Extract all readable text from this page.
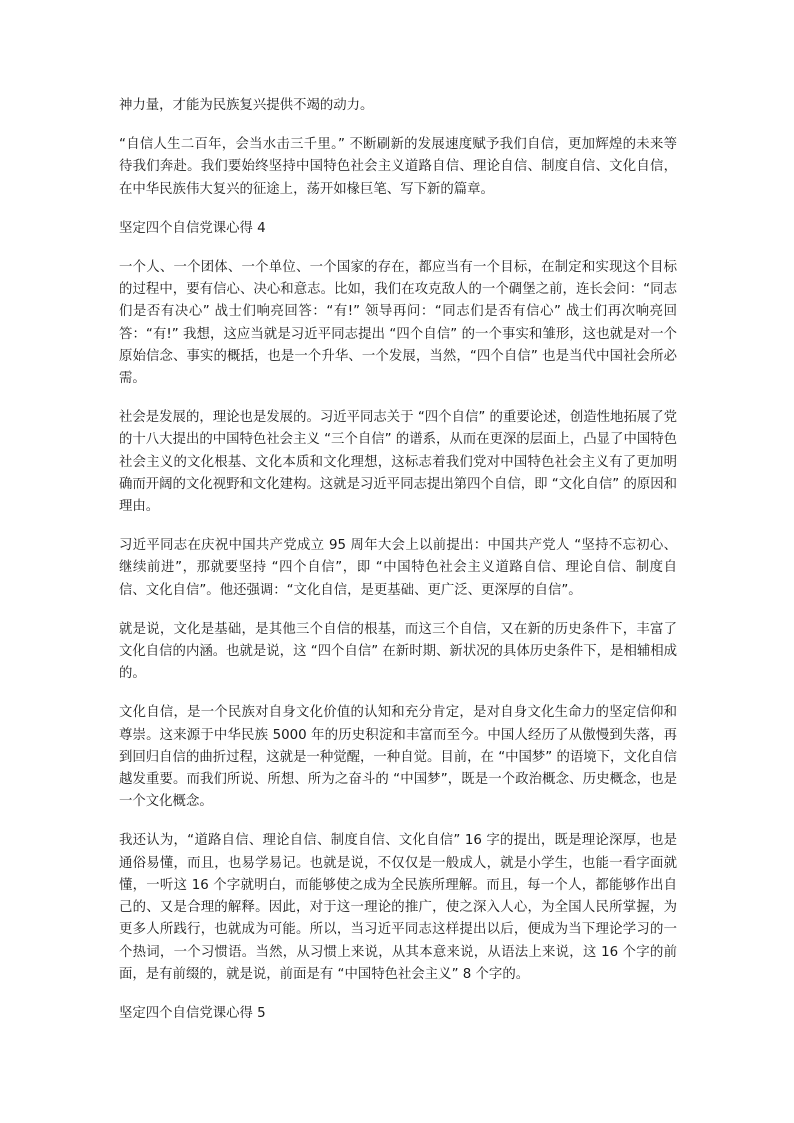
神力量，才能为民族复兴提供不竭的动力。

“自信人生二百年，会当水击三千里。” 不断刷新的发展速度赋予我们自信，更加辉煌的未来等待我们奔赴。我们要始终坚持中国特色社会主义道路自信、理论自信、制度自信、文化自信，在中华民族伟大复兴的征途上，荡开如椽巨笔、写下新的篇章。

坚定四个自信党课心得 4

一个人、一个团体、一个单位、一个国家的存在，都应当有一个目标，在制定和实现这个目标的过程中，要有信心、决心和意志。比如，我们在攻克敌人的一个碉堡之前，连长会问：“同志们是否有决心” 战士们响亮回答：“有!” 领导再问：“同志们是否有信心” 战士们再次响亮回答：“有!” 我想，这应当就是习近平同志提出 “四个自信” 的一个事实和雏形，这也就是对一个原始信念、事实的概括，也是一个升华、一个发展，当然，“四个自信” 也是当代中国社会所必需。

社会是发展的，理论也是发展的。习近平同志关于 “四个自信” 的重要论述，创造性地拓展了党的十八大提出的中国特色社会主义 “三个自信” 的谱系，从而在更深的层面上，凸显了中国特色社会主义的文化根基、文化本质和文化理想，这标志着我们党对中国特色社会主义有了更加明确而开阔的文化视野和文化建构。这就是习近平同志提出第四个自信，即 “文化自信” 的原因和理由。

习近平同志在庆祝中国共产党成立 95 周年大会上以前提出：中国共产党人 “坚持不忘初心、继续前进”，那就要坚持 “四个自信”，即 “中国特色社会主义道路自信、理论自信、制度自信、文化自信”。他还强调：“文化自信，是更基础、更广泛、更深厚的自信”。

就是说，文化是基础，是其他三个自信的根基，而这三个自信，又在新的历史条件下，丰富了文化自信的内涵。也就是说，这 “四个自信” 在新时期、新状况的具体历史条件下，是相辅相成的。

文化自信，是一个民族对自身文化价值的认知和充分肯定，是对自身文化生命力的坚定信仰和尊崇。这来源于中华民族 5000 年的历史积淀和丰富而至今。中国人经历了从傲慢到失落，再到回归自信的曲折过程，这就是一种觉醒，一种自觉。目前，在 “中国梦” 的语境下，文化自信越发重要。而我们所说、所想、所为之奋斗的 “中国梦”，既是一个政治概念、历史概念，也是一个文化概念。

我还认为，“道路自信、理论自信、制度自信、文化自信” 16 字的提出，既是理论深厚，也是通俗易懂，而且，也易学易记。也就是说，不仅仅是一般成人，就是小学生，也能一看字面就懂，一听这 16 个字就明白，而能够使之成为全民族所理解。而且，每一个人，都能够作出自己的、又是合理的解释。因此，对于这一理论的推广，使之深入人心，为全国人民所掌握，为更多人所践行，也就成为可能。所以，当习近平同志这样提出以后，便成为当下理论学习的一个热词，一个习惯语。当然，从习惯上来说，从其本意来说，从语法上来说，这 16 个字的前面，是有前缀的，就是说，前面是有 “中国特色社会主义” 8 个字的。

坚定四个自信党课心得 5
